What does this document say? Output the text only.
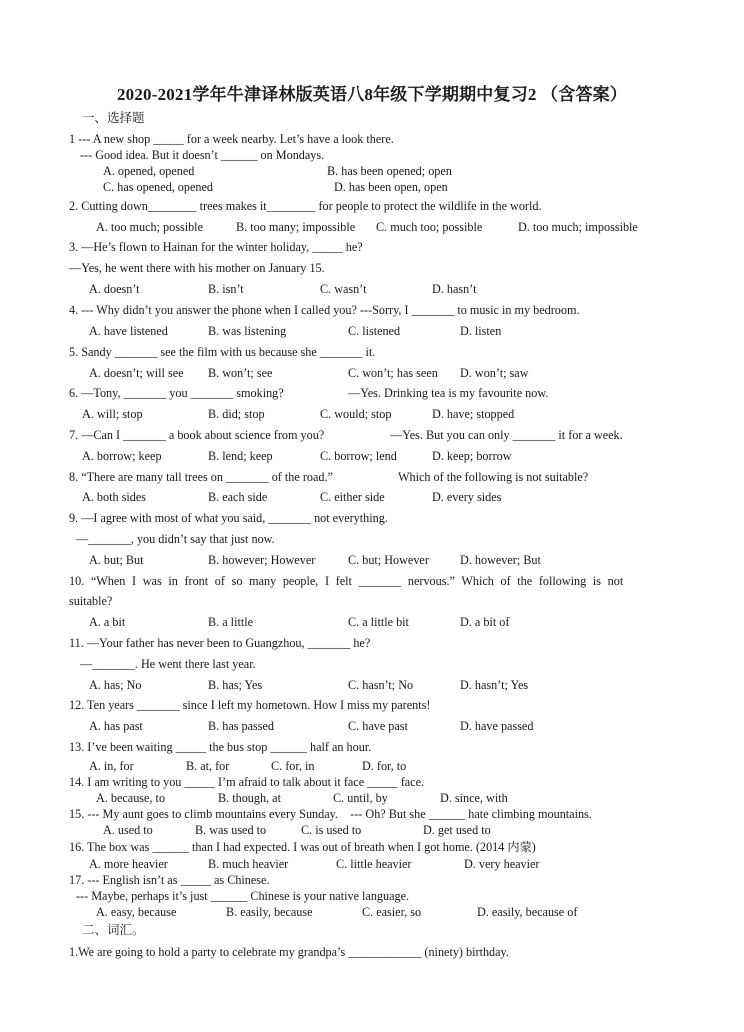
2020-2021学年牛津译林版英语八8年级下学期期中复习2 （含答案）
一、选择题
1 --- A new shop _____ for a week nearby. Let’s have a look there.
--- Good idea. But it doesn’t ______ on Mondays.
A. opened, opened	B. has been opened; open
C. has opened, opened	D. has been open, open
2. Cutting down________ trees makes it________ for people to protect the wildlife in the world.
A. too much; possible	B. too many; impossible C. much too; possible	D. too much; impossible
3. —He’s flown to Hainan for the winter holiday, _____ he?
—Yes, he went there with his mother on January 15.
A. doesn’t	B. isn’t	C. wasn’t	D. hasn’t
4. --- Why didn’t you answer the phone when I called you? ---Sorry, I _______ to music in my bedroom.
A. have listened	B. was listening	C. listened	D. listen
5. Sandy _______ see the film with us because she _______ it.
A. doesn’t; will see B. won’t; see	C. won’t; has seen D. won’t; saw
6. —Tony, _______ you _______ smoking?	—Yes. Drinking tea is my favourite now.
A. will; stop	B. did; stop	C. would; stop	D. have; stopped
7. —Can I _______ a book about science from you?	—Yes. But you can only _______ it for a week.
A. borrow; keep	B. lend; keep	C. borrow; lend	D. keep; borrow
8. “There are many tall trees on _______ of the road.”	Which of the following is not suitable?
A. both sides	B. each side	C. either side	D. every sides
9. —I agree with most of what you said, _______ not everything.
—_______, you didn’t say that just now.
A. but; But	B. however; However	C. but; However	D. however; But
10. “When I was in front of so many people, I felt _______ nervous.” Which of the following is not
suitable?
A. a bit	B. a little	C. a little bit	D. a bit of
11. —Your father has never been to Guangzhou, _______ he?
—_______. He went there last year.
A. has; No	B. has; Yes	C. hasn’t; No	D. hasn’t; Yes
12. Ten years _______ since I left my hometown. How I miss my parents!
A. has past	B. has passed	C. have past	D. have passed
13. I’ve been waiting _____ the bus stop ______ half an hour.
A. in, for	B. at, for	C. for, in	D. for, to
14. I am writing to you _____ I’m afraid to talk about it face _____ face.
A. because, to	B. though, at	C. until, by	D. since, with
15. --- My aunt goes to climb mountains every Sunday.    --- Oh? But she ______ hate climbing mountains.
A. used to	B. was used to	C. is used to	D. get used to
16. The box was ______ than I had expected. I was out of breath when I got home. (2014 内蒙)
A. more heavier	B. much heavier	C. little heavier	D. very heavier
17. --- English isn’t as _____ as Chinese.
--- Maybe, perhaps it’s just ______ Chinese is your native language.
A. easy, because	B. easily, because	C. easier, so	D. easily, because of
二、词汇。
1.We are going to hold a party to celebrate my grandpa’s ____________ (ninety) birthday.
